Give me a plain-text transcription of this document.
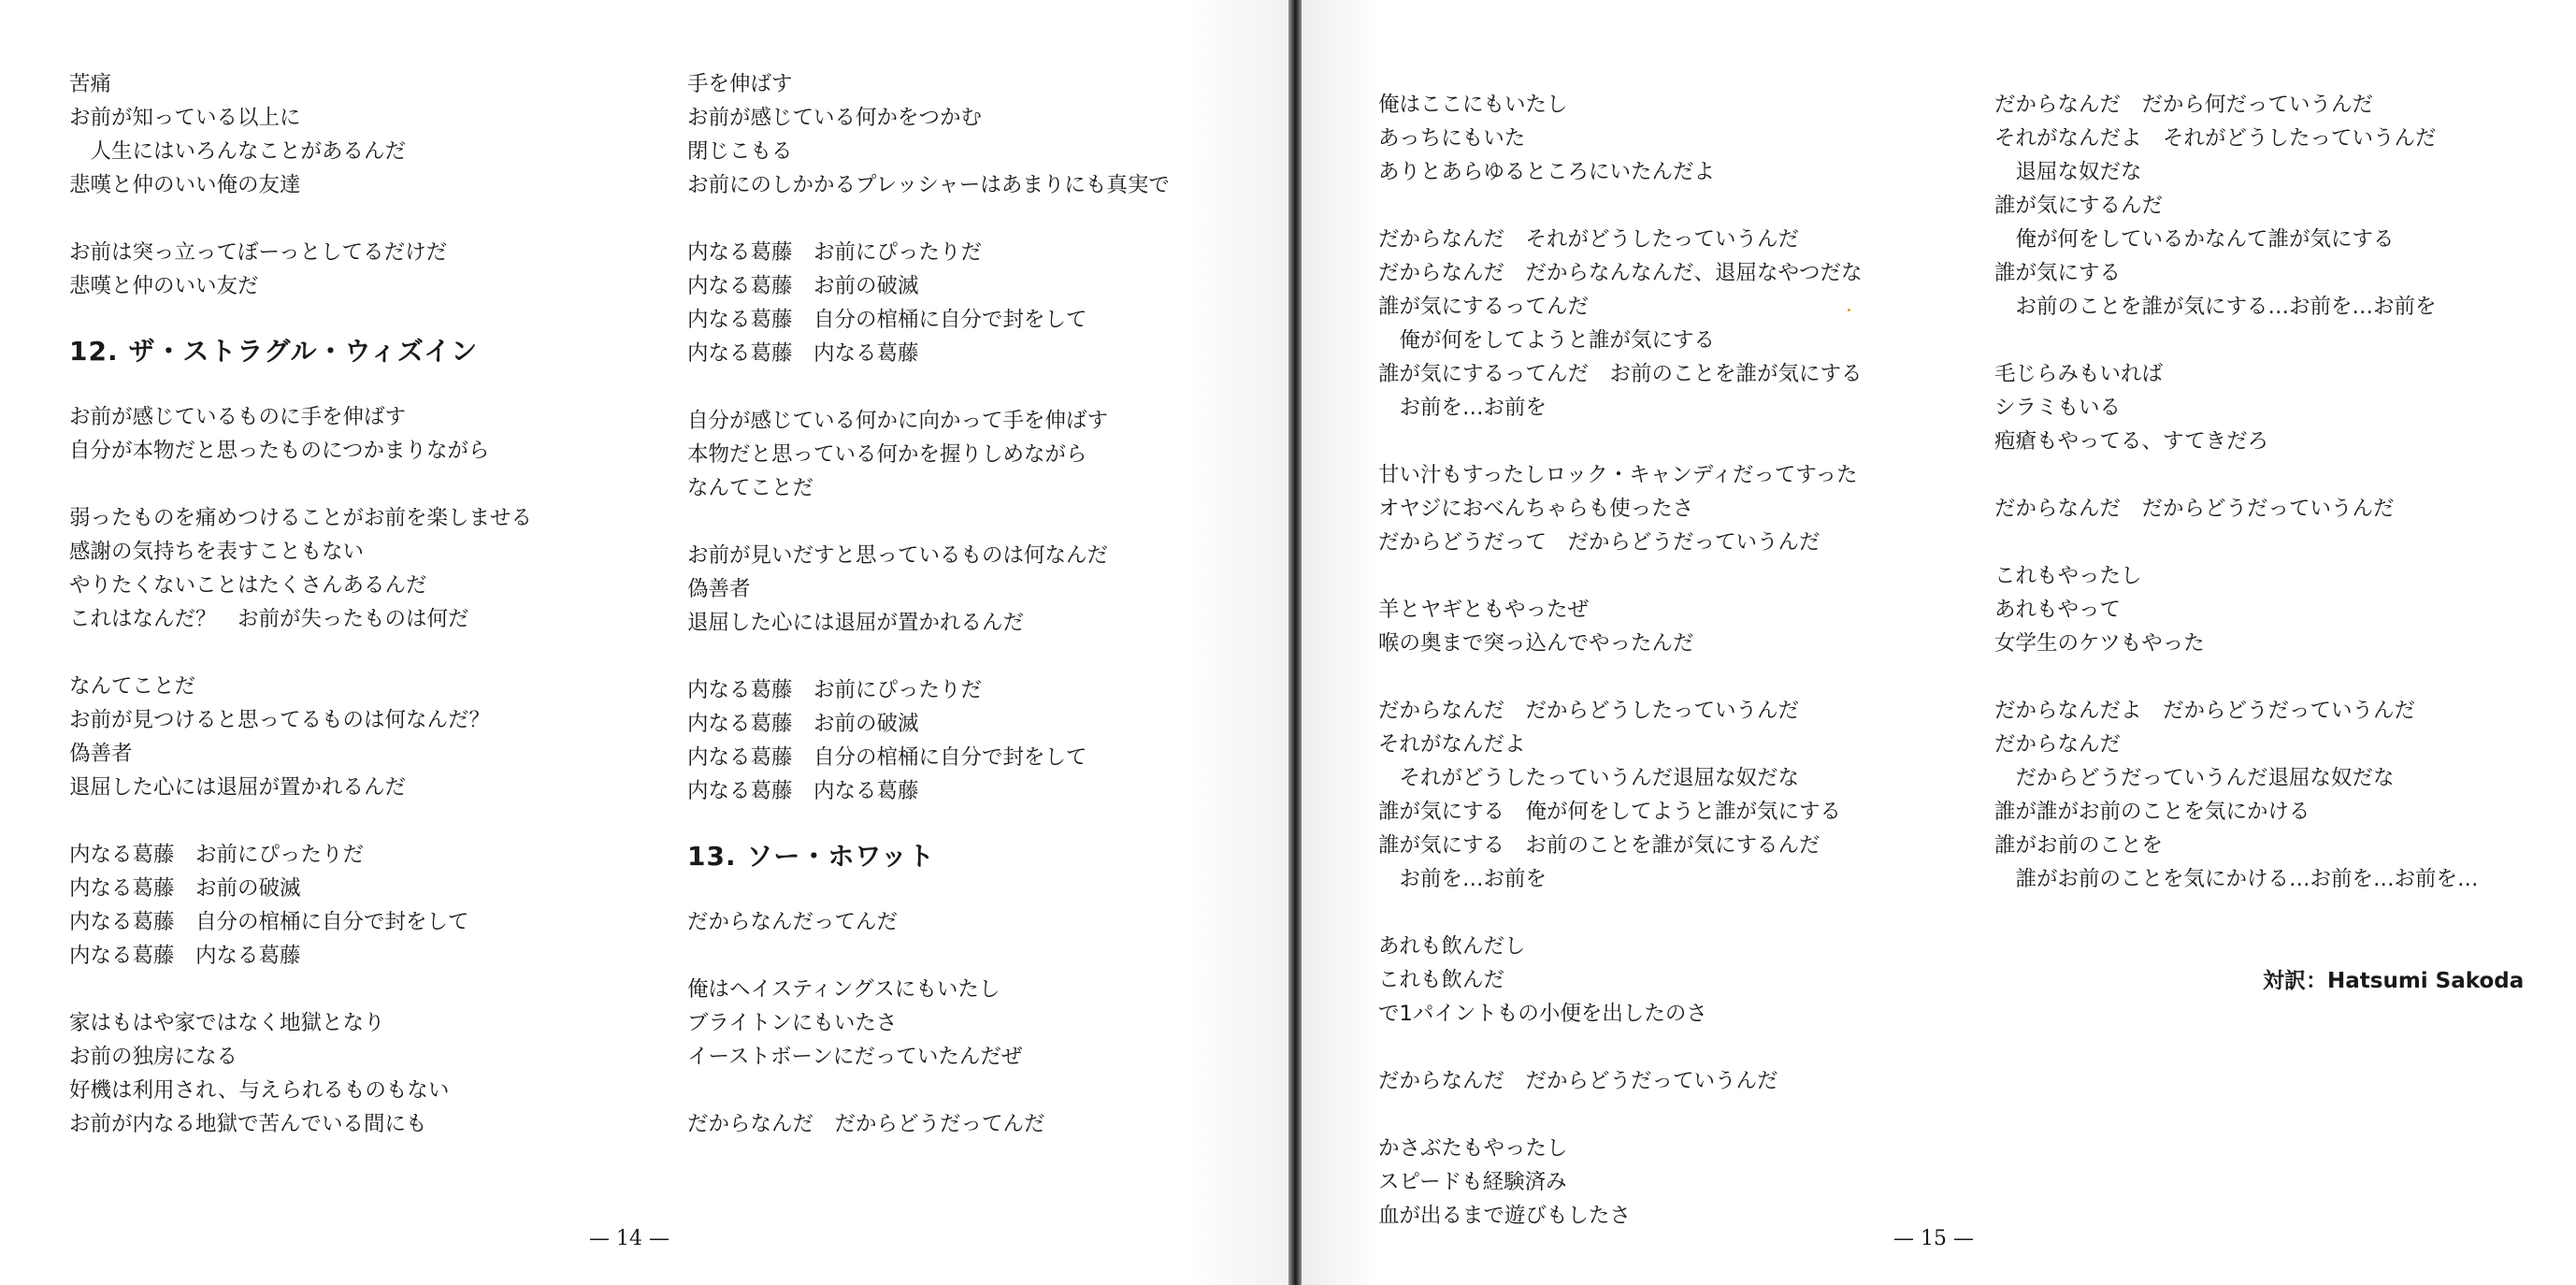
苦痛
お前が知っている以上に
　人生にはいろんなことがあるんだ
悲嘆と仲のいい俺の友達
お前は突っ立ってぼーっとしてるだけだ
悲嘆と仲のいい友だ
12. ザ・ストラグル・ウィズイン
お前が感じているものに手を伸ばす
自分が本物だと思ったものにつかまりながら
弱ったものを痛めつけることがお前を楽しませる
感謝の気持ちを表すこともない
やりたくないことはたくさんあるんだ
これはなんだ？　お前が失ったものは何だ
なんてことだ
お前が見つけると思ってるものは何なんだ？
偽善者
退屈した心には退屈が置かれるんだ
内なる葛藤　お前にぴったりだ
内なる葛藤　お前の破滅
内なる葛藤　自分の棺桶に自分で封をして
内なる葛藤　内なる葛藤
家はもはや家ではなく地獄となり
お前の独房になる
好機は利用され、与えられるものもない
お前が内なる地獄で苦んでいる間にも
手を伸ばす
お前が感じている何かをつかむ
閉じこもる
お前にのしかかるプレッシャーはあまりにも真実で
内なる葛藤　お前にぴったりだ
内なる葛藤　お前の破滅
内なる葛藤　自分の棺桶に自分で封をして
内なる葛藤　内なる葛藤
自分が感じている何かに向かって手を伸ばす
本物だと思っている何かを握りしめながら
なんてことだ
お前が見いだすと思っているものは何なんだ
偽善者
退屈した心には退屈が置かれるんだ
内なる葛藤　お前にぴったりだ
内なる葛藤　お前の破滅
内なる葛藤　自分の棺桶に自分で封をして
内なる葛藤　内なる葛藤
13. ソー・ホワット
だからなんだってんだ
俺はヘイスティングスにもいたし
ブライトンにもいたさ
イーストボーンにだっていたんだぜ
だからなんだ　だからどうだってんだ
— 14 —
俺はここにもいたし
あっちにもいた
ありとあらゆるところにいたんだよ
だからなんだ　それがどうしたっていうんだ
だからなんだ　だからなんなんだ、退屈なやつだな
誰が気にするってんだ
　俺が何をしてようと誰が気にする
誰が気にするってんだ　お前のことを誰が気にする
　お前を…お前を
甘い汁もすったしロック・キャンディだってすった
オヤジにおべんちゃらも使ったさ
だからどうだって　だからどうだっていうんだ
羊とヤギともやったぜ
喉の奥まで突っ込んでやったんだ
だからなんだ　だからどうしたっていうんだ
それがなんだよ
　それがどうしたっていうんだ退屈な奴だな
誰が気にする　俺が何をしてようと誰が気にする
誰が気にする　お前のことを誰が気にするんだ
　お前を…お前を
あれも飲んだし
これも飲んだ
で1パイントもの小便を出したのさ
だからなんだ　だからどうだっていうんだ
かさぶたもやったし
スピードも経験済み
血が出るまで遊びもしたさ
だからなんだ　だから何だっていうんだ
それがなんだよ　それがどうしたっていうんだ
　退屈な奴だな
誰が気にするんだ
　俺が何をしているかなんて誰が気にする
誰が気にする
　お前のことを誰が気にする…お前を…お前を
毛じらみもいれば
シラミもいる
疱瘡もやってる、すてきだろ
だからなんだ　だからどうだっていうんだ
これもやったし
あれもやって
女学生のケツもやった
だからなんだよ　だからどうだっていうんだ
だからなんだ
　だからどうだっていうんだ退屈な奴だな
誰が誰がお前のことを気にかける
誰がお前のことを
　誰がお前のことを気にかける…お前を…お前を…
対訳：Hatsumi Sakoda
— 15 —
